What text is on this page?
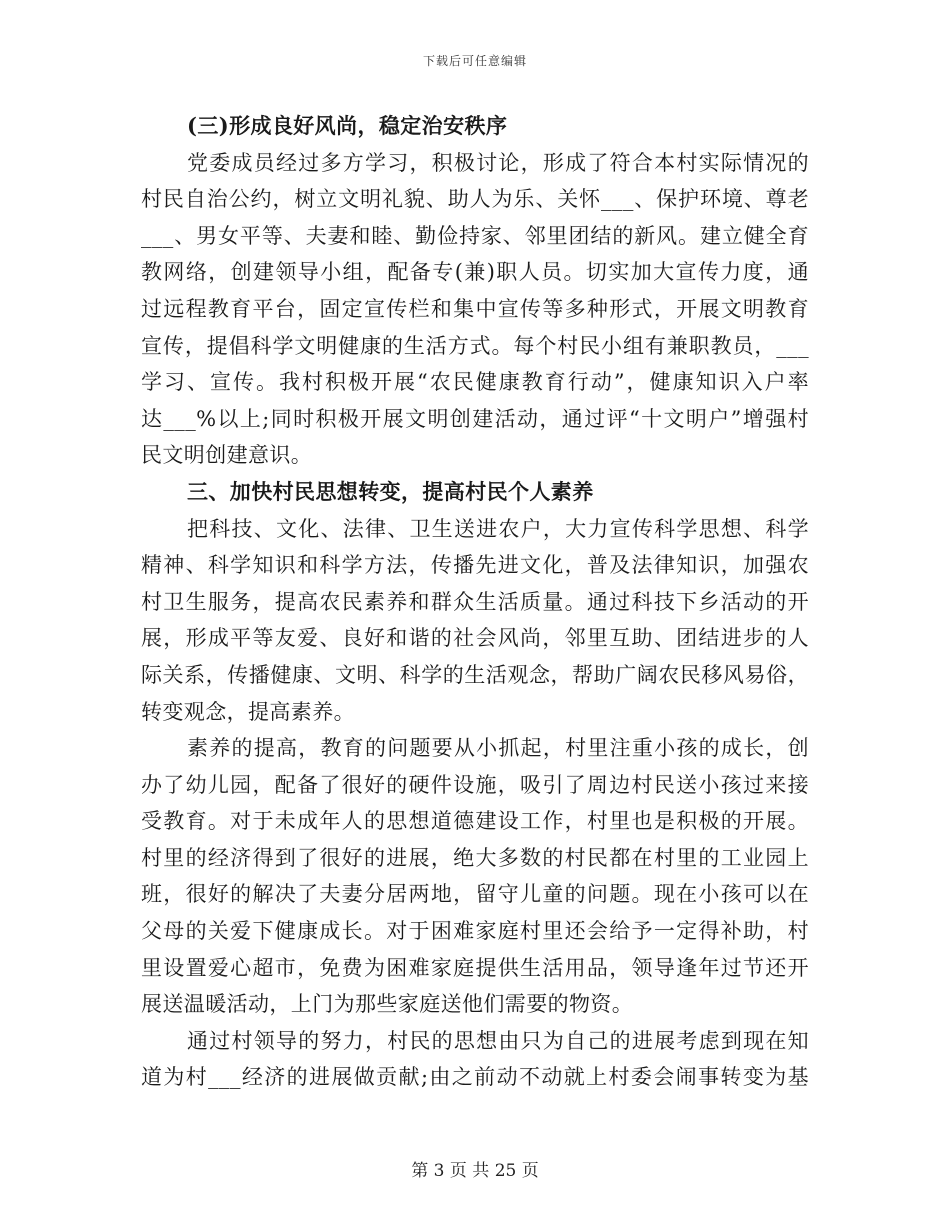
下载后可任意编辑
(三)形成良好风尚，稳定治安秩序
党委成员经过多方学习，积极讨论，形成了符合本村实际情况的
村民自治公约，树立文明礼貌、助人为乐、关怀___、保护环境、尊老
___、男女平等、夫妻和睦、勤俭持家、邻里团结的新风。建立健全育
教网络，创建领导小组，配备专(兼)职人员。切实加大宣传力度，通
过远程教育平台，固定宣传栏和集中宣传等多种形式，开展文明教育
宣传，提倡科学文明健康的生活方式。每个村民小组有兼职教员，___
学习、宣传。我村积极开展“农民健康教育行动”，健康知识入户率
达___%以上;同时积极开展文明创建活动，通过评“十文明户”增强村
民文明创建意识。
三、加快村民思想转变，提高村民个人素养
把科技、文化、法律、卫生送进农户，大力宣传科学思想、科学
精神、科学知识和科学方法，传播先进文化，普及法律知识，加强农
村卫生服务，提高农民素养和群众生活质量。通过科技下乡活动的开
展，形成平等友爱、良好和谐的社会风尚，邻里互助、团结进步的人
际关系，传播健康、文明、科学的生活观念，帮助广阔农民移风易俗，
转变观念，提高素养。
素养的提高，教育的问题要从小抓起，村里注重小孩的成长，创
办了幼儿园，配备了很好的硬件设施，吸引了周边村民送小孩过来接
受教育。对于未成年人的思想道德建设工作，村里也是积极的开展。
村里的经济得到了很好的进展，绝大多数的村民都在村里的工业园上
班，很好的解决了夫妻分居两地，留守儿童的问题。现在小孩可以在
父母的关爱下健康成长。对于困难家庭村里还会给予一定得补助，村
里设置爱心超市，免费为困难家庭提供生活用品，领导逢年过节还开
展送温暖活动，上门为那些家庭送他们需要的物资。
通过村领导的努力，村民的思想由只为自己的进展考虑到现在知
道为村___经济的进展做贡献;由之前动不动就上村委会闹事转变为基
第 3 页 共 25 页
